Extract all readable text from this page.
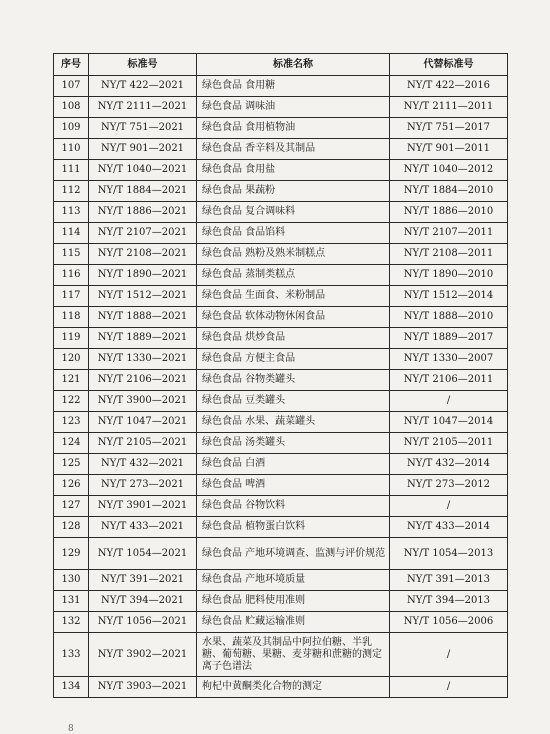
序号	标准号	标准名称	代替标准号
107	NY/T 422—2021	绿色食品 食用糖	NY/T 422—2016
108	NY/T 2111—2021	绿色食品 调味油	NY/T 2111—2011
109	NY/T 751—2021	绿色食品 食用植物油	NY/T 751—2017
110	NY/T 901—2021	绿色食品 香辛料及其制品	NY/T 901—2011
111	NY/T 1040—2021	绿色食品 食用盐	NY/T 1040—2012
112	NY/T 1884—2021	绿色食品 果蔬粉	NY/T 1884—2010
113	NY/T 1886—2021	绿色食品 复合调味料	NY/T 1886—2010
114	NY/T 2107—2021	绿色食品 食品馅料	NY/T 2107—2011
115	NY/T 2108—2021	绿色食品 熟粉及熟米制糕点	NY/T 2108—2011
116	NY/T 1890—2021	绿色食品 蒸制类糕点	NY/T 1890—2010
117	NY/T 1512—2021	绿色食品 生面食、米粉制品	NY/T 1512—2014
118	NY/T 1888—2021	绿色食品 软体动物休闲食品	NY/T 1888—2010
119	NY/T 1889—2021	绿色食品 烘炒食品	NY/T 1889—2017
120	NY/T 1330—2021	绿色食品 方便主食品	NY/T 1330—2007
121	NY/T 2106—2021	绿色食品 谷物类罐头	NY/T 2106—2011
122	NY/T 3900—2021	绿色食品 豆类罐头	/
123	NY/T 1047—2021	绿色食品 水果、蔬菜罐头	NY/T 1047—2014
124	NY/T 2105—2021	绿色食品 汤类罐头	NY/T 2105—2011
125	NY/T 432—2021	绿色食品 白酒	NY/T 432—2014
126	NY/T 273—2021	绿色食品 啤酒	NY/T 273—2012
127	NY/T 3901—2021	绿色食品 谷物饮料	/
128	NY/T 433—2021	绿色食品 植物蛋白饮料	NY/T 433—2014
129	NY/T 1054—2021	绿色食品 产地环境调查、监测与评价规范	NY/T 1054—2013
130	NY/T 391—2021	绿色食品 产地环境质量	NY/T 391—2013
131	NY/T 394—2021	绿色食品 肥料使用准则	NY/T 394—2013
132	NY/T 1056—2021	绿色食品 贮藏运输准则	NY/T 1056—2006
133	NY/T 3902—2021	水果、蔬菜及其制品中阿拉伯糖、半乳糖、葡萄糖、果糖、麦芽糖和蔗糖的测定 离子色谱法	/
134	NY/T 3903—2021	枸杞中黄酮类化合物的测定	/
8
